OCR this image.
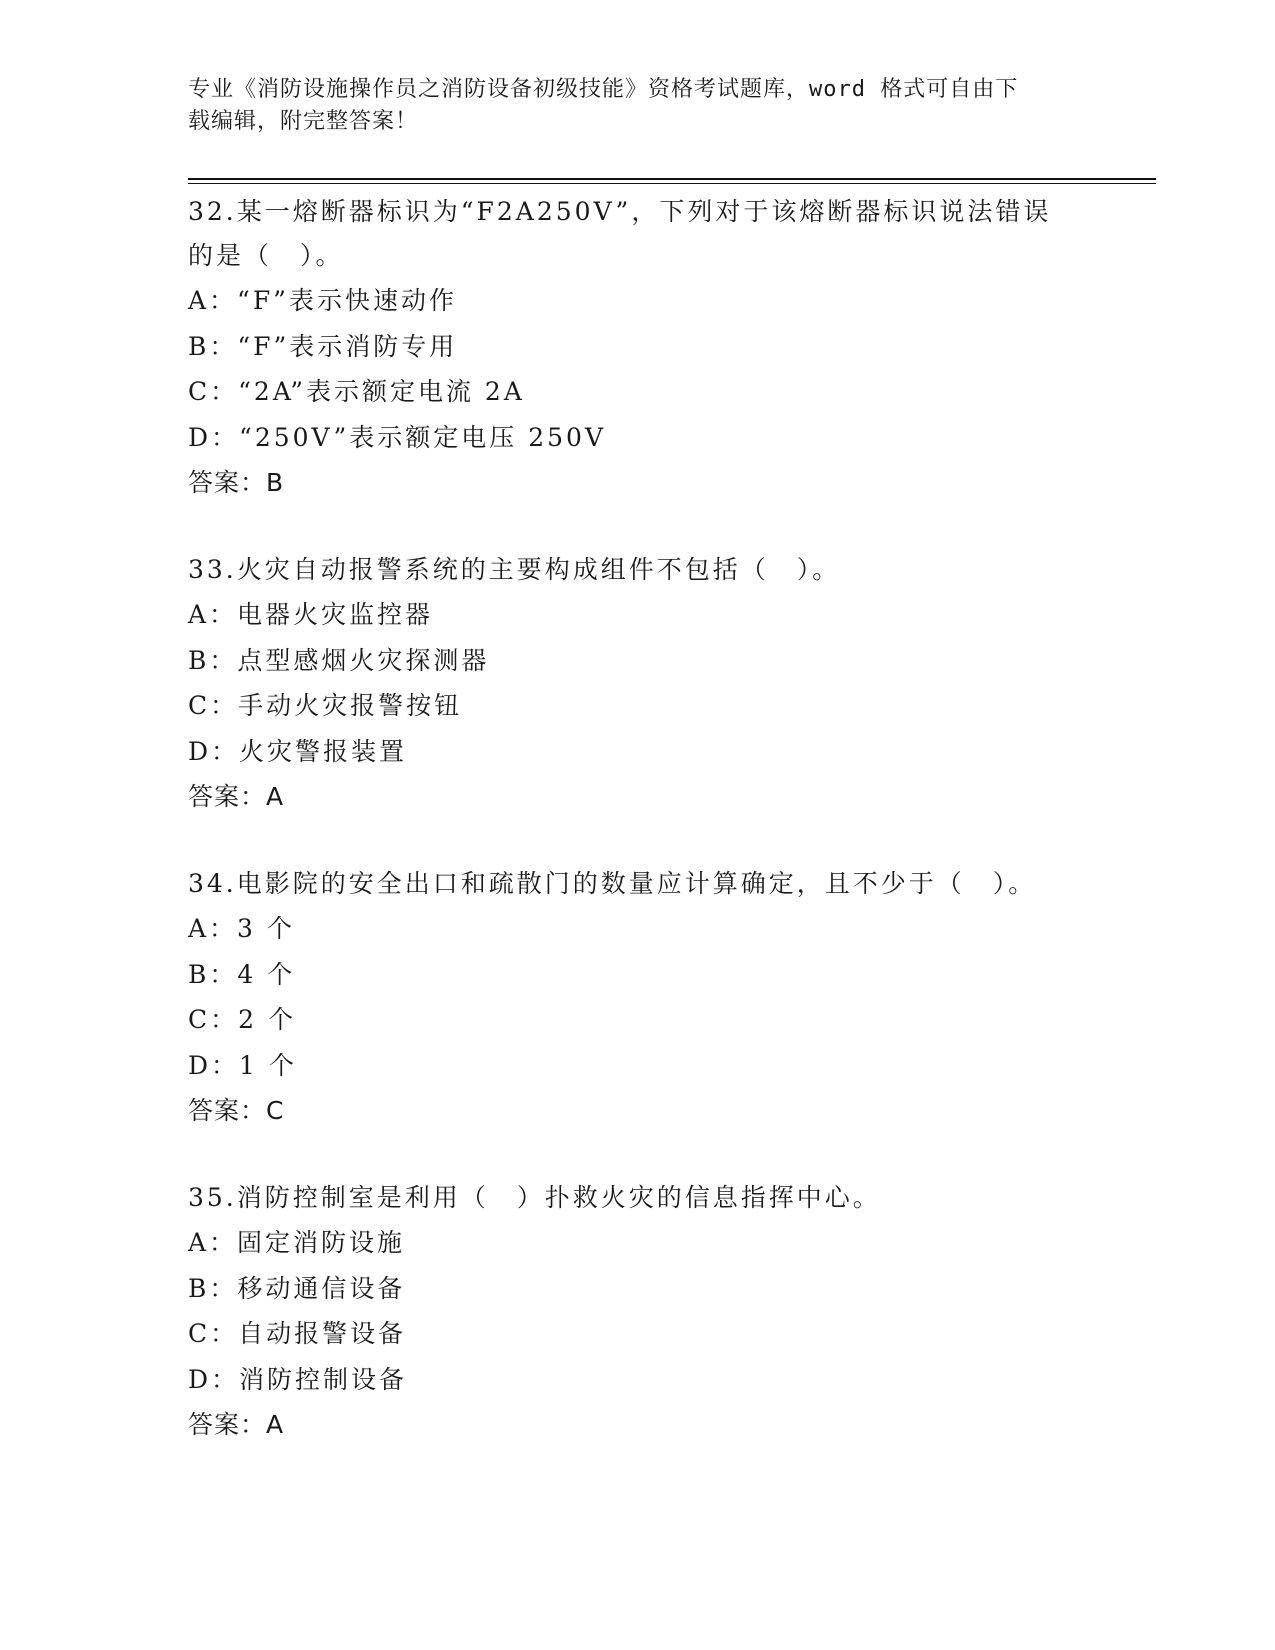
专业《消防设施操作员之消防设备初级技能》资格考试题库，word 格式可自由下
载编辑，附完整答案！

32.某一熔断器标识为“F2A250V”，下列对于该熔断器标识说法错误

的是（　）。

A：“F”表示快速动作

B：“F”表示消防专用

C：“2A”表示额定电流 2A

D：“250V”表示额定电压 250V

答案：B

33.火灾自动报警系统的主要构成组件不包括（　）。

A：电器火灾监控器

B：点型感烟火灾探测器

C：手动火灾报警按钮

D：火灾警报装置

答案：A

34.电影院的安全出口和疏散门的数量应计算确定，且不少于（　）。

A：3 个

B：4 个

C：2 个

D：1 个

答案：C

35.消防控制室是利用（　）扑救火灾的信息指挥中心。

A：固定消防设施

B：移动通信设备

C：自动报警设备

D：消防控制设备

答案：A
